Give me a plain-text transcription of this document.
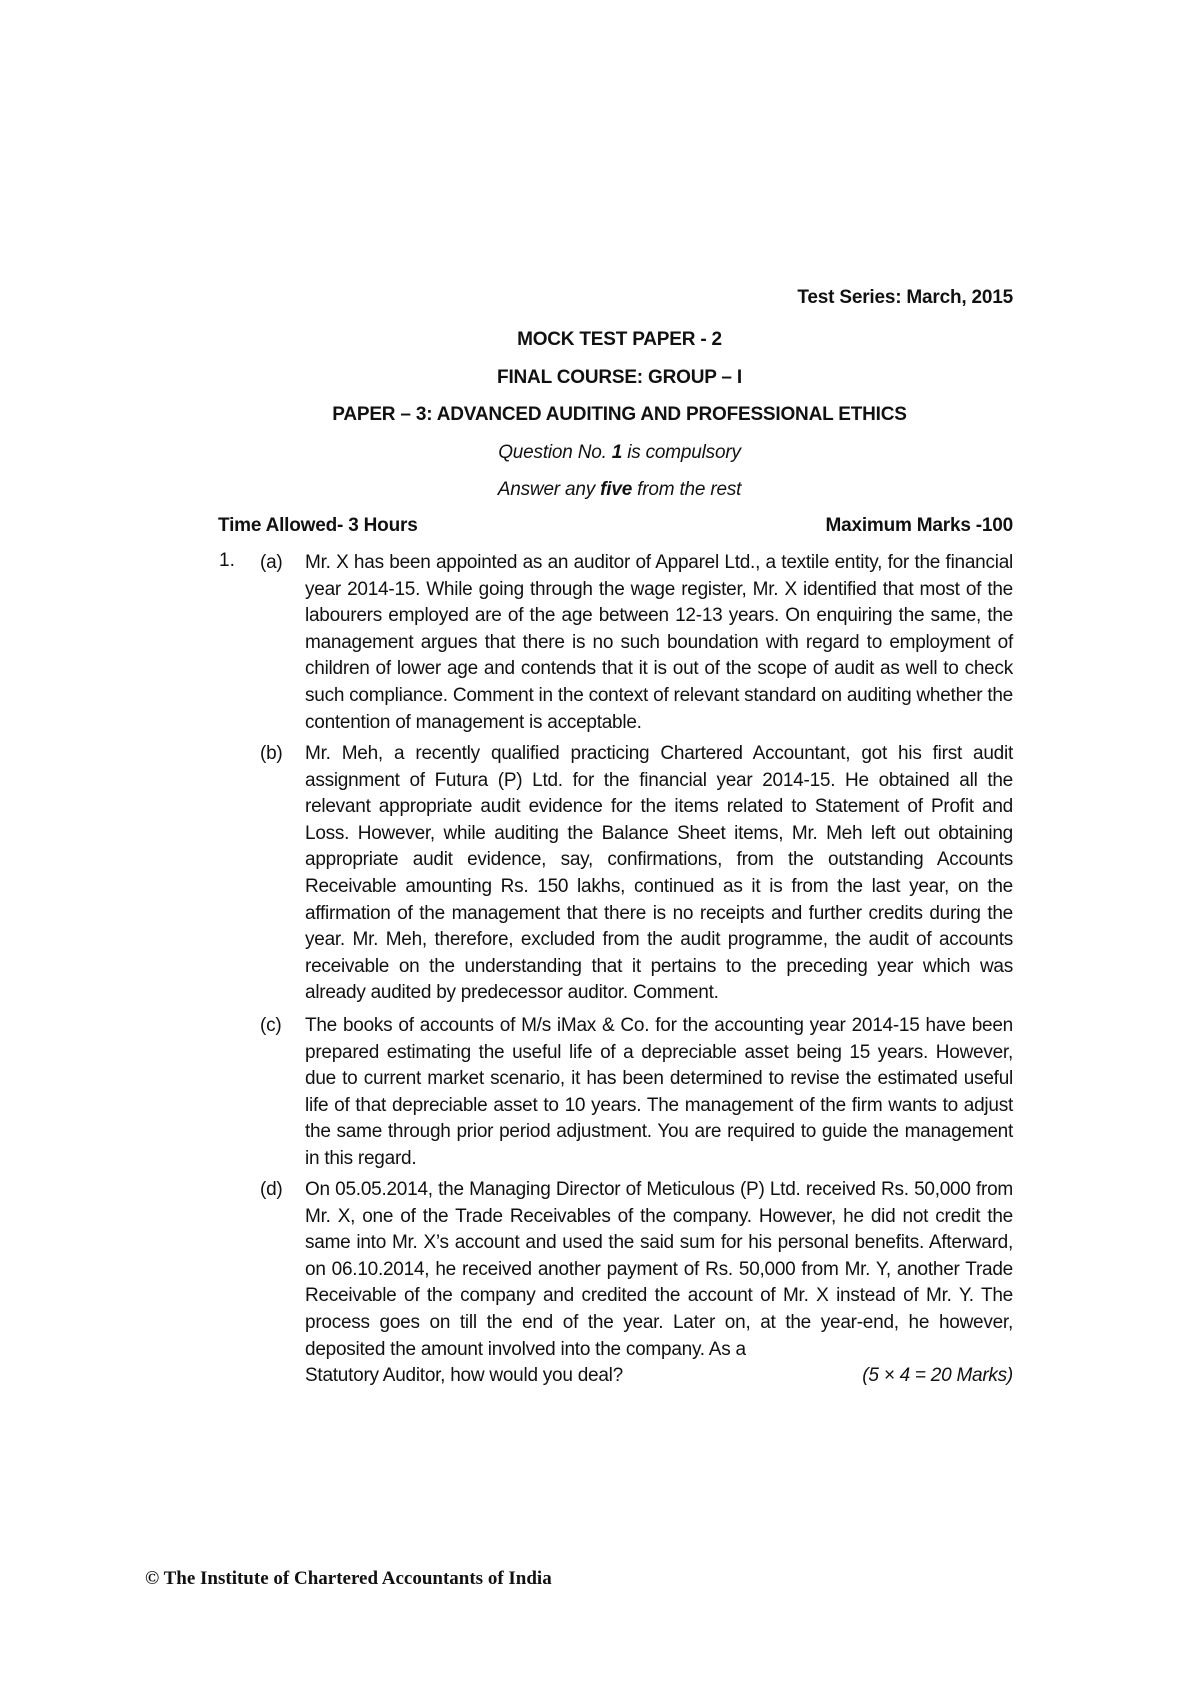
Test Series: March, 2015
MOCK TEST PAPER - 2
FINAL COURSE: GROUP – I
PAPER – 3: ADVANCED AUDITING AND PROFESSIONAL ETHICS
Question No. 1 is compulsory
Answer any five from the rest
Time Allowed- 3 Hours	Maximum Marks -100
1. (a) Mr. X has been appointed as an auditor of Apparel Ltd., a textile entity, for the financial year 2014-15. While going through the wage register, Mr. X identified that most of the labourers employed are of the age between 12-13 years. On enquiring the same, the management argues that there is no such boundation with regard to employment of children of lower age and contends that it is out of the scope of audit as well to check such compliance. Comment in the context of relevant standard on auditing whether the contention of management is acceptable.
(b) Mr. Meh, a recently qualified practicing Chartered Accountant, got his first audit assignment of Futura (P) Ltd. for the financial year 2014-15. He obtained all the relevant appropriate audit evidence for the items related to Statement of Profit and Loss. However, while auditing the Balance Sheet items, Mr. Meh left out obtaining appropriate audit evidence, say, confirmations, from the outstanding Accounts Receivable amounting Rs. 150 lakhs, continued as it is from the last year, on the affirmation of the management that there is no receipts and further credits during the year. Mr. Meh, therefore, excluded from the audit programme, the audit of accounts receivable on the understanding that it pertains to the preceding year which was already audited by predecessor auditor. Comment.
(c) The books of accounts of M/s iMax & Co. for the accounting year 2014-15 have been prepared estimating the useful life of a depreciable asset being 15 years. However, due to current market scenario, it has been determined to revise the estimated useful life of that depreciable asset to 10 years. The management of the firm wants to adjust the same through prior period adjustment. You are required to guide the management in this regard.
(d) On 05.05.2014, the Managing Director of Meticulous (P) Ltd. received Rs. 50,000 from Mr. X, one of the Trade Receivables of the company. However, he did not credit the same into Mr. X’s account and used the said sum for his personal benefits. Afterward, on 06.10.2014, he received another payment of Rs. 50,000 from Mr. Y, another Trade Receivable of the company and credited the account of Mr. X instead of Mr. Y. The process goes on till the end of the year. Later on, at the year-end, he however, deposited the amount involved into the company. As a
Statutory Auditor, how would you deal?	(5 × 4 = 20 Marks)
© The Institute of Chartered Accountants of India
